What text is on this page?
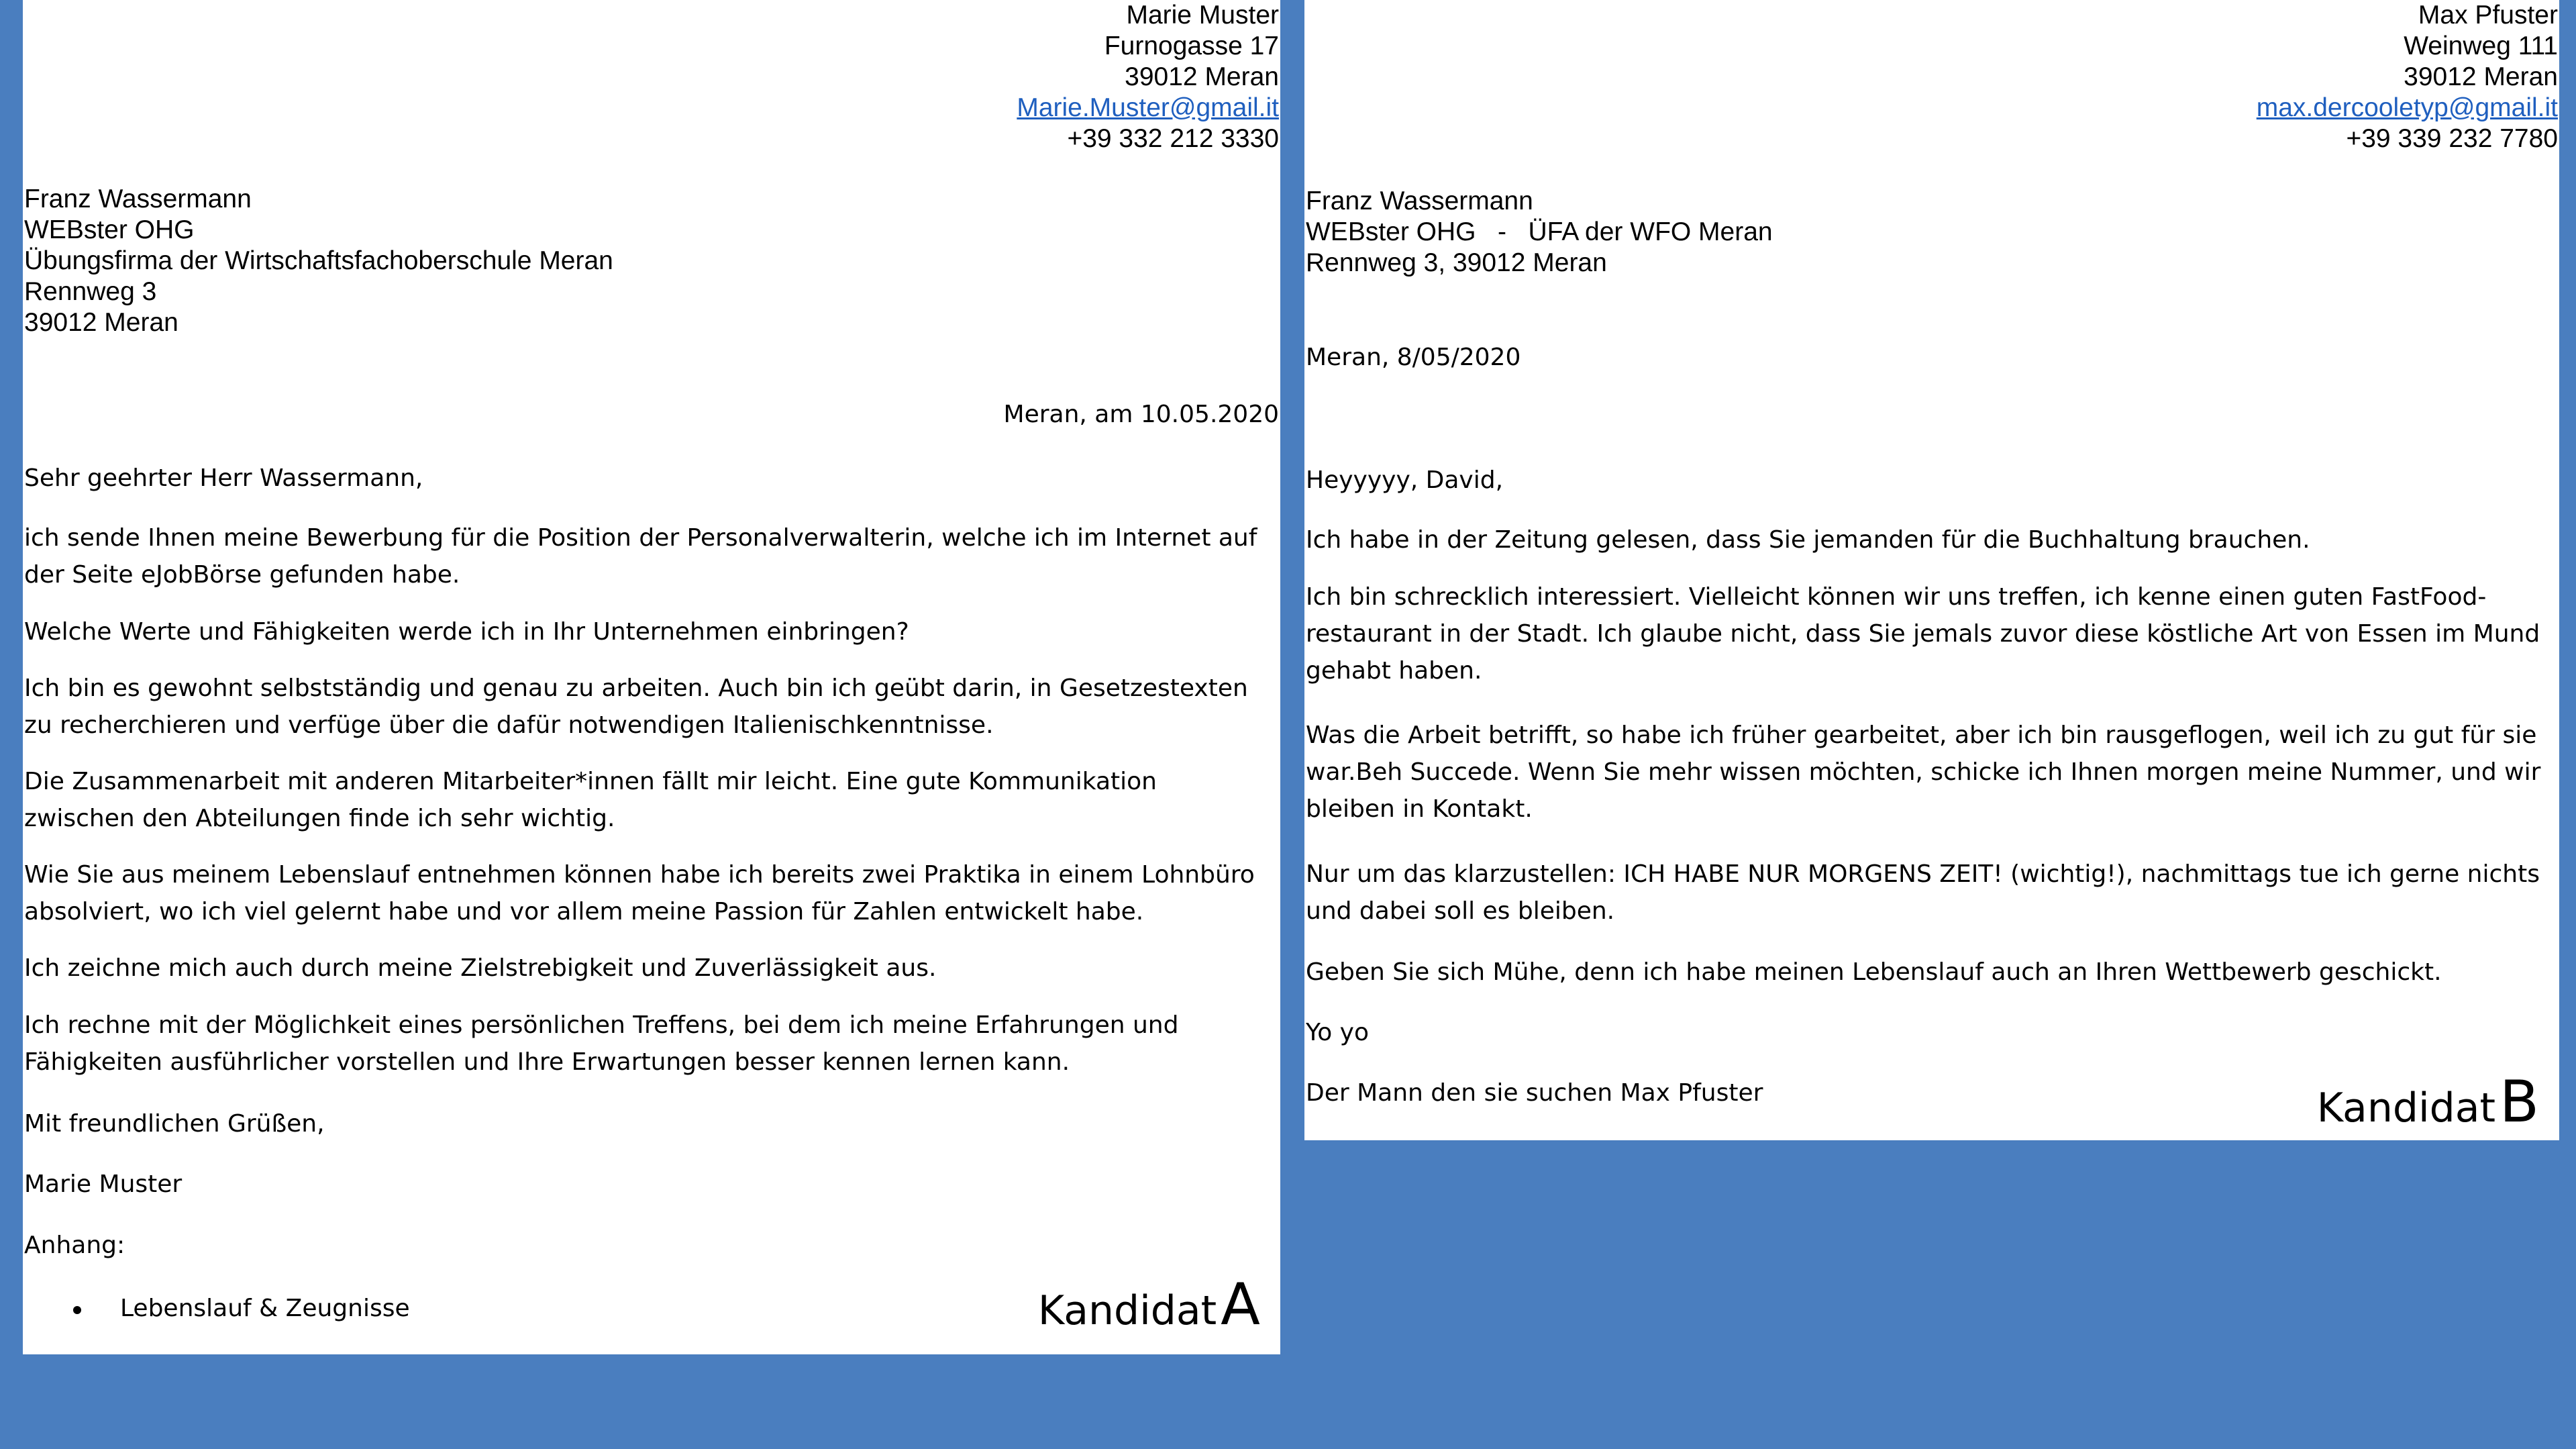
Marie Muster
Furnogasse 17
39012 Meran
Marie.Muster@gmail.it
+39 332 212 3330
Franz Wassermann
WEBster OHG
Übungsfirma der Wirtschaftsfachoberschule Meran
Rennweg 3
39012 Meran
Meran, am 10.05.2020

Sehr geehrter Herr Wassermann,

ich sende Ihnen meine Bewerbung für die Position der Personalverwalterin, welche ich im Internet auf der Seite eJobBörse gefunden habe.

Welche Werte und Fähigkeiten werde ich in Ihr Unternehmen einbringen?

Ich bin es gewohnt selbstständig und genau zu arbeiten. Auch bin ich geübt darin, in Gesetzestexten zu recherchieren und verfüge über die dafür notwendigen Italienischkenntnisse.

Die Zusammenarbeit mit anderen Mitarbeiter*innen fällt mir leicht. Eine gute Kommunikation zwischen den Abteilungen finde ich sehr wichtig.

Wie Sie aus meinem Lebenslauf entnehmen können habe ich bereits zwei Praktika in einem Lohnbüro absolviert, wo ich viel gelernt habe und vor allem meine Passion für Zahlen entwickelt habe.

Ich zeichne mich auch durch meine Zielstrebigkeit und Zuverlässigkeit aus.

Ich rechne mit der Möglichkeit eines persönlichen Treffens, bei dem ich meine Erfahrungen und Fähigkeiten ausführlicher vorstellen und Ihre Erwartungen besser kennen lernen kann.

Mit freundlichen Grüßen,

Marie Muster

Anhang:

Lebenslauf & Zeugnisse	KandidatA
Max Pfuster
Weinweg 111
39012 Meran
max.dercooletyp@gmail.it
+39 339 232 7780
Franz Wassermann
WEBster OHG   -   ÜFA der WFO Meran
Rennweg 3, 39012 Meran
Meran, 8/05/2020

Heyyyyy, David,

Ich habe in der Zeitung gelesen, dass Sie jemanden für die Buchhaltung brauchen.

Ich bin schrecklich interessiert. Vielleicht können wir uns treffen, ich kenne einen guten FastFood-restaurant in der Stadt. Ich glaube nicht, dass Sie jemals zuvor diese köstliche Art von Essen im Mund gehabt haben.

Was die Arbeit betrifft, so habe ich früher gearbeitet, aber ich bin rausgeflogen, weil ich zu gut für sie war.Beh Succede. Wenn Sie mehr wissen möchten, schicke ich Ihnen morgen meine Nummer, und wir bleiben in Kontakt.

Nur um das klarzustellen: ICH HABE NUR MORGENS ZEIT! (wichtig!), nachmittags tue ich gerne nichts und dabei soll es bleiben.

Geben Sie sich Mühe, denn ich habe meinen Lebenslauf auch an Ihren Wettbewerb geschickt.

Yo yo

Der Mann den sie suchen Max Pfuster	KandidatB
